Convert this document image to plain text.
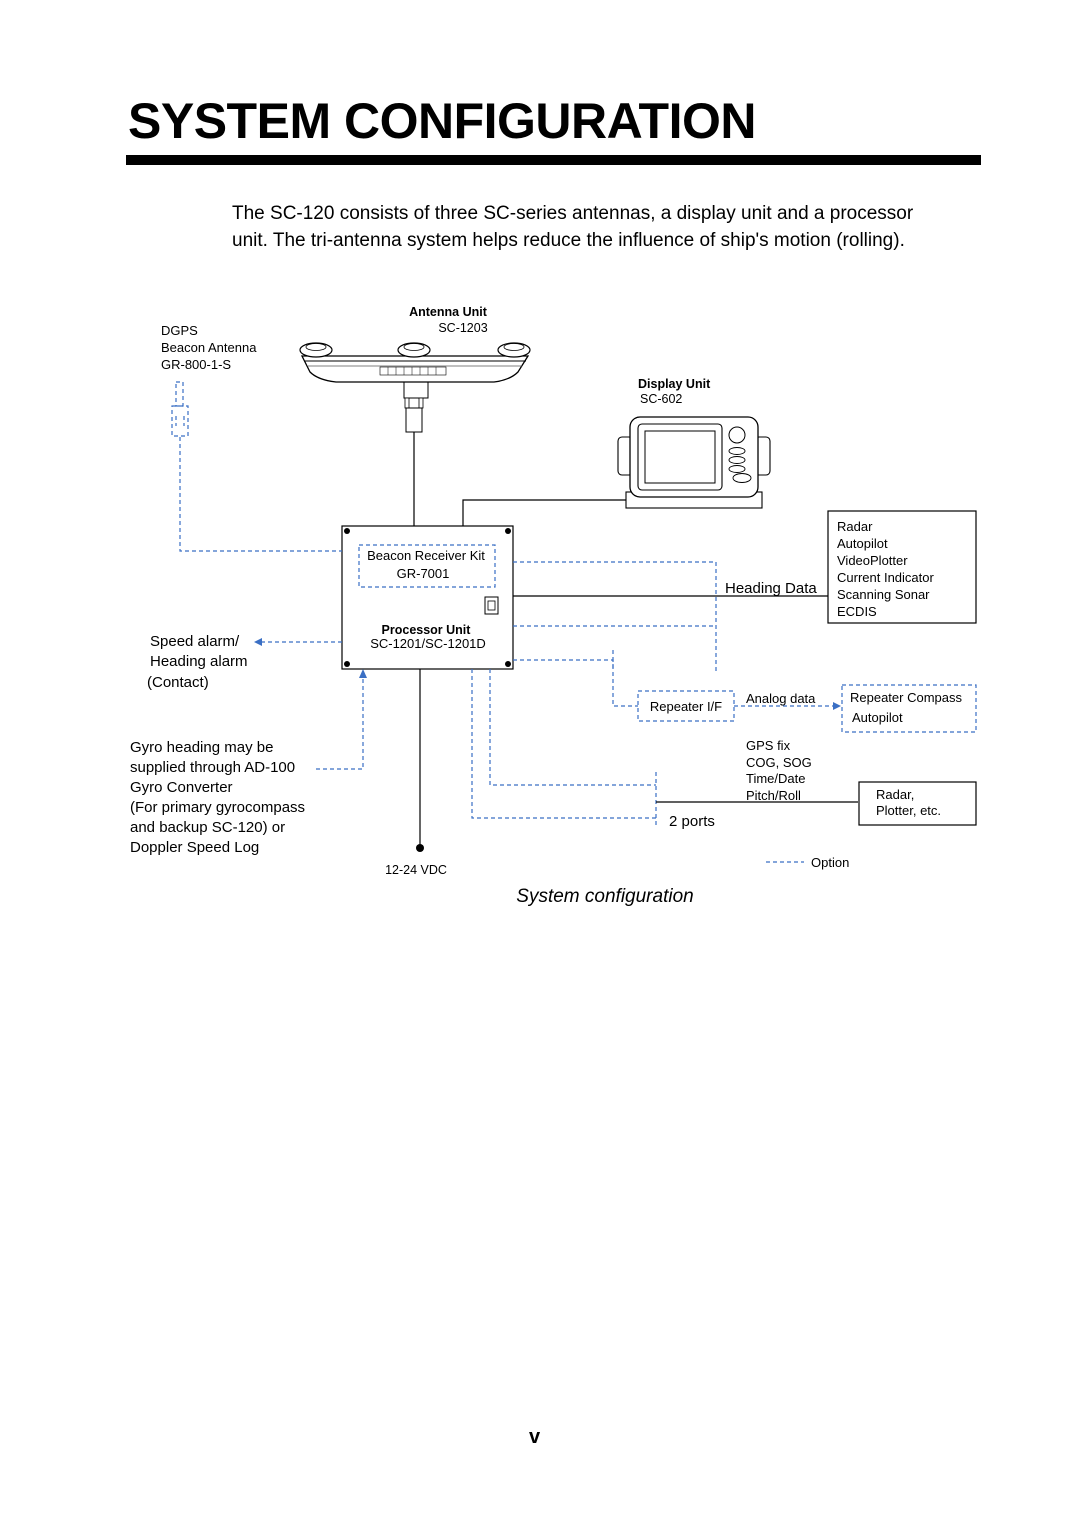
SYSTEM CONFIGURATION

The SC-120 consists of three SC-series antennas, a display unit and a processor unit. The tri-antenna system helps reduce the influence of ship's motion (rolling).

Antenna Unit
SC-1203
DGPS
Beacon Antenna
GR-800-1-S
Display Unit
SC-602
Beacon Receiver Kit
GR-7001
Processor Unit
SC-1201/SC-1201D
Speed alarm/
Heading alarm
(Contact)
Heading Data
Radar
Autopilot
VideoPlotter
Current Indicator
Scanning Sonar
ECDIS
Repeater I/F
Analog data	Repeater Compass
Autopilot
Gyro heading may be
supplied through AD-100
Gyro Converter
(For primary gyrocompass
and backup SC-120) or
Doppler Speed Log
GPS fix
COG, SOG
Time/Date
Pitch/Roll	Radar,
Plotter, etc.
2 ports
12-24 VDC	Option
System configuration
v
